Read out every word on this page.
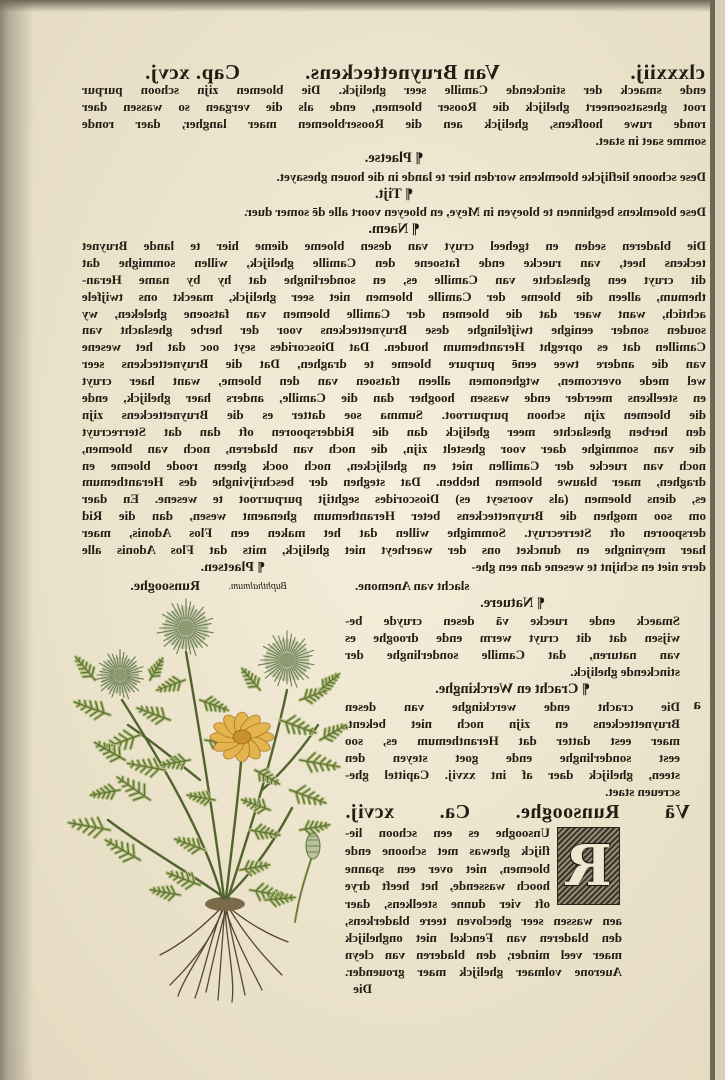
clxxxiij.
Van Bruynetteckens.
Cap. xcvj.
ende smaeck der stinckende Camille seer ghelijck. Die bloemen zijn schoon purpur
root ghesatsoeneert ghelijck die Rooser bloemen, ende als die vergaen so wassen daer
ronde ruwe hoofkens, ghelijck aen die Rooserbloemen maer langher, daer ronde
somme saet in staet.
¶ Plaetse.
Dese schoone lieflijcke bloemkens worden hier te lande in die houen ghesayet.
¶ Tijt.
Dese bloemkens beghinnen te bloeyen in Meye, en bloeyen voort alle dē somer duer.
¶ Naem.
Die bladeren seden en tgeheel cruyt van desen bloeme dieme hier te lande Bruynet
teckens heet, van ruecke ende fatsoene den Camille ghelijck, willen sommighe dat
dit cruyt een gheslachte van Camille es, en sonderlinghe dat hy by name Heran-
themum, alleen die bloeme der Camille bloemen niet seer ghelijck, maeckt ons twijfele
achtich, want waer dat die bloemen der Camille bloemen van fatsoene gheleken, wy
souden sonder eenighe twijfelinghe dese Bruynetteckens voor der herbe gheslacht van
Camillen dat es opreght Heranthemum houden. Dat Dioscorides seyt ooc dat het wesene
van die andere twee eenē purpure bloeme te draghen, Dat die Bruynetteckens seer
wel mede overcomen, wtghenomen alleen tfatsoen van den bloeme, want haer cruyt
en steelkens meerder ende wassen hoogher dan die Camille, anders haer ghelijck, ende
die bloemen zijn schoon purpurroot. Summa soe datter es die Bruynetteckens zijn
den herben gheslachte meer ghelijck dan die Ridderspooren oft dan dat Sterrecruyt
die van sommighe daer voor ghestelt zijn, die noch van bladeren, noch van bloemen,
noch van ruecke der Camillen niet en ghelijcken, noch oock gheen roode bloeme en
draghen, maer blauwe bloemen hebben. Dat steghen der beschrijvinghe des Heranthemum
es, diens bloemen (als voorseyt es) Dioscorides seghtijt purpurroot te wesene. En daer
om soo moghen die Bruynetteckens beter Heranthemum ghenaemt wesen, dan die Rid
derspooren oft Sterrecruyt. Sommighe willen dat het maken een Flos Adonis, maer
haer meyninghe en duncket ons der waerheyt niet ghelijck, mits dat Flos Adonis alle
dere niet en schijnt te wesene dan een ghe-
slacht van Anemone.
¶ Plaetsen.
Buphthalmum.
Runsooghe.
¶ Natuere.
Smaeck ende ruecke vā desen cruyde be-
wijsen dat dit cruyt werm ende drooghe es
van naturen, dat Camille sonderlinghe der
stinckende ghelijck.
¶ Cracht en Werckinghe.
Die cracht ende werckinghe van desen
Bruynetteckens en zijn noch niet bekent,
maer eest datter dat Heranthemum es, soo
eest sonderlinghe ende goet steyen den
steen, ghelijck daer af int xxvij. Capittel ghe-
screuen staet.
a
Vā Runsooghe. Ca. xcvij.
R
Unsooghe es een schoon lie-
flijck ghewas met schoone ende
bloemen, niet over een spanne
hooch wassende, het heeft drye
oft vier dunne steelkens, daer
aen wassen seer ghecloven teere bladerkens,
den bladeren van Fenckel niet onghelijck
maer veel minder, den bladeren van cleyn
Auerone volmaer ghelijck maer grouender.
Die
